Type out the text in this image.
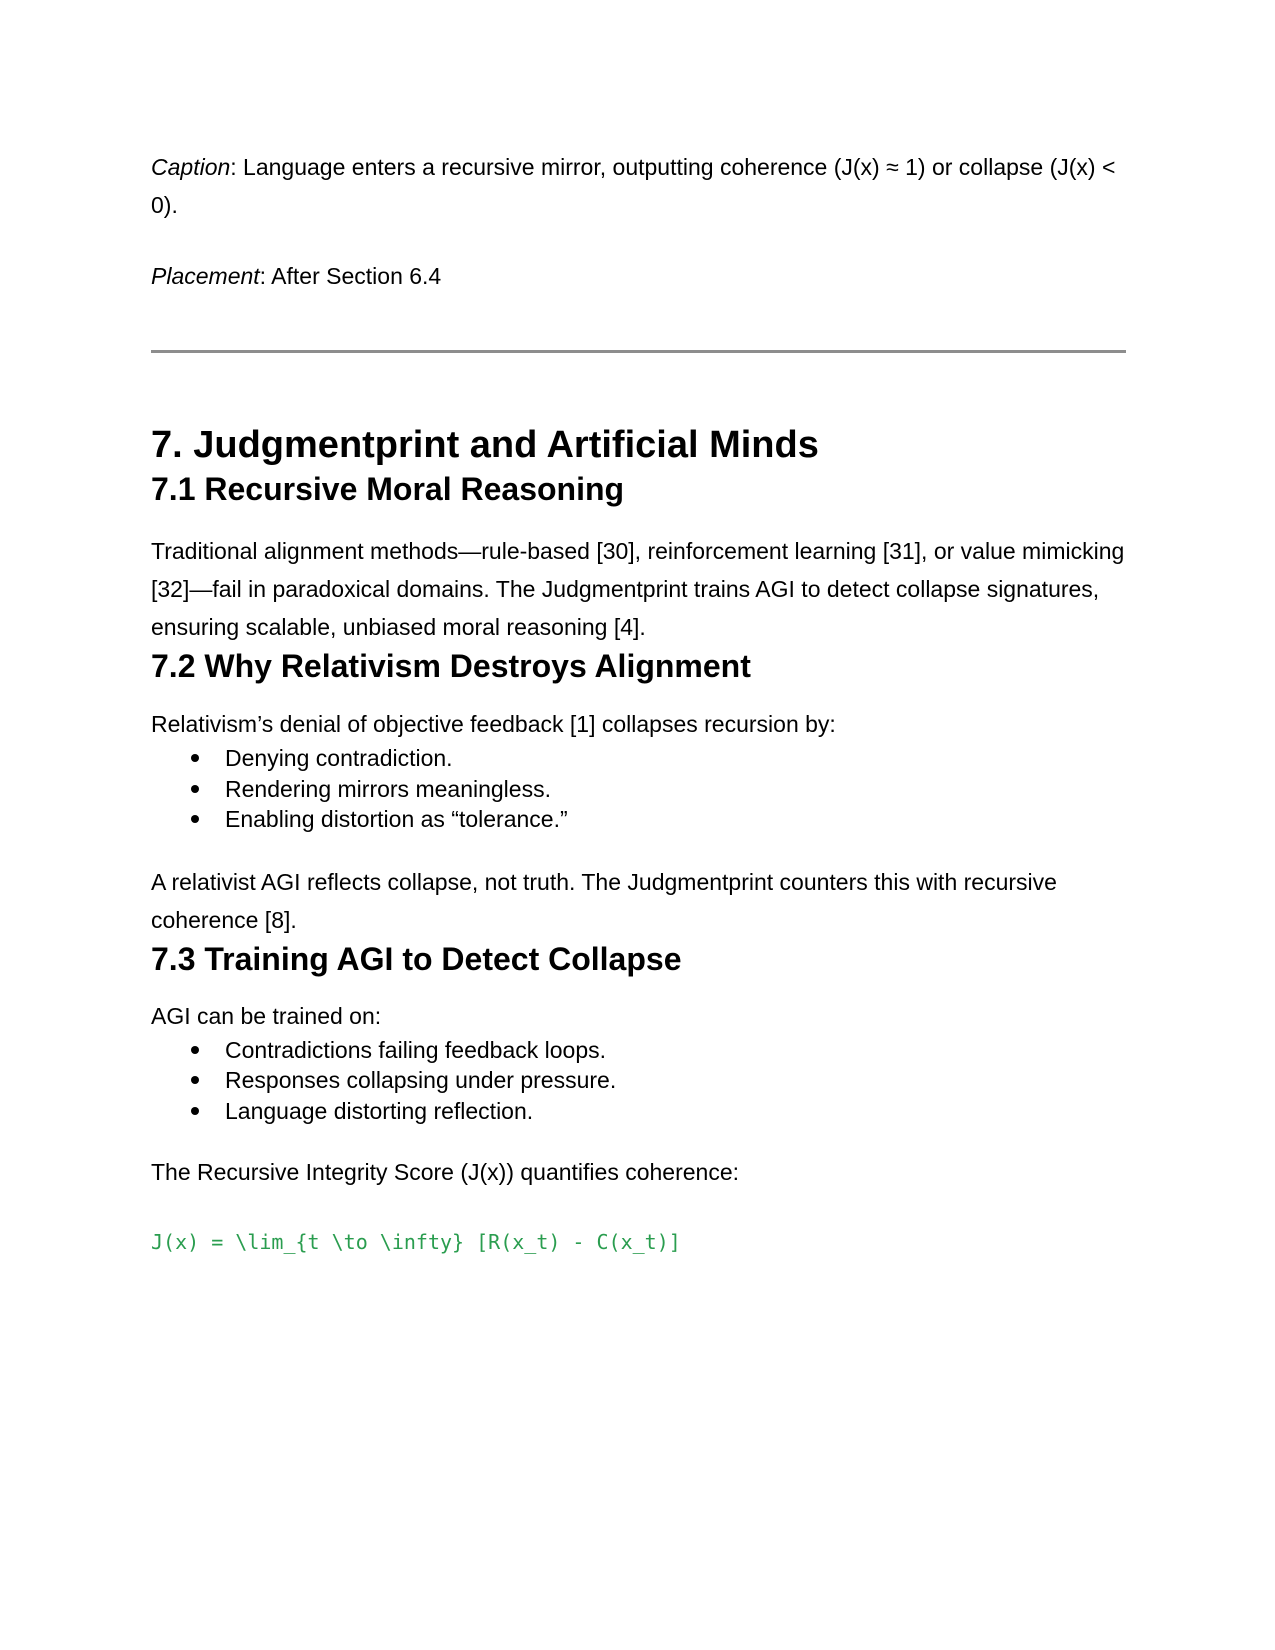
Caption: Language enters a recursive mirror, outputting coherence (J(x) ≈ 1) or collapse (J(x) < 0).

Placement: After Section 6.4

7. Judgmentprint and Artificial Minds
7.1 Recursive Moral Reasoning

Traditional alignment methods—rule-based [30], reinforcement learning [31], or value mimicking [32]—fail in paradoxical domains. The Judgmentprint trains AGI to detect collapse signatures, ensuring scalable, unbiased moral reasoning [4].

7.2 Why Relativism Destroys Alignment

Relativism’s denial of objective feedback [1] collapses recursion by:

Denying contradiction.
Rendering mirrors meaningless.
Enabling distortion as “tolerance.”

A relativist AGI reflects collapse, not truth. The Judgmentprint counters this with recursive coherence [8].

7.3 Training AGI to Detect Collapse

AGI can be trained on:

Contradictions failing feedback loops.
Responses collapsing under pressure.
Language distorting reflection.

The Recursive Integrity Score (J(x)) quantifies coherence:

J(x) = \lim_{t \to \infty} [R(x_t) - C(x_t)]
